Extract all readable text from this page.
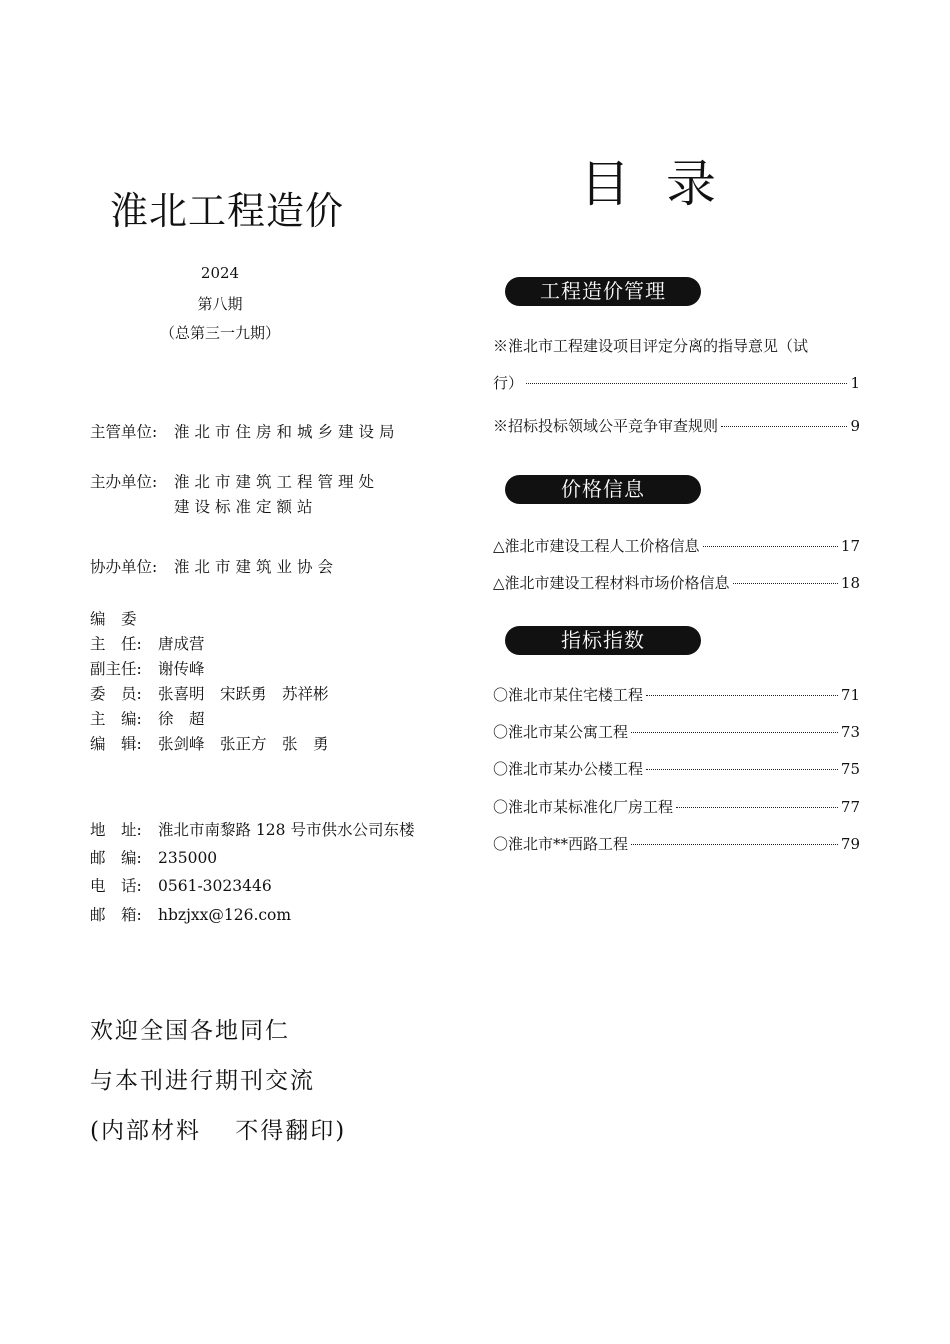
淮北工程造价
2024
第八期
（总第三一九期）
主管单位: 淮北市住房和城乡建设局
主办单位: 淮北市建筑工程管理处
建设标准定额站
协办单位: 淮北市建筑业协会
编　委
主　任: 唐成营
副主任: 谢传峰
委　员: 张喜明　宋跃勇　苏祥彬
主　编: 徐　超
编　辑: 张剑峰　张正方　张　勇
地　址: 淮北市南黎路 128 号市供水公司东楼
邮　编: 235000
电　话: 0561-3023446
邮　箱: hbzjxx@126.com
欢迎全国各地同仁
与本刊进行期刊交流
(内部材料　 不得翻印)
目录
工程造价管理
※淮北市工程建设项目评定分离的指导意见（试
行）	1
※招标投标领域公平竞争审查规则	9
价格信息
△淮北市建设工程人工价格信息	17
△淮北市建设工程材料市场价格信息	18
指标指数
〇淮北市某住宅楼工程	71
〇淮北市某公寓工程	73
〇淮北市某办公楼工程	75
〇淮北市某标准化厂房工程	77
〇淮北市**西路工程	79
